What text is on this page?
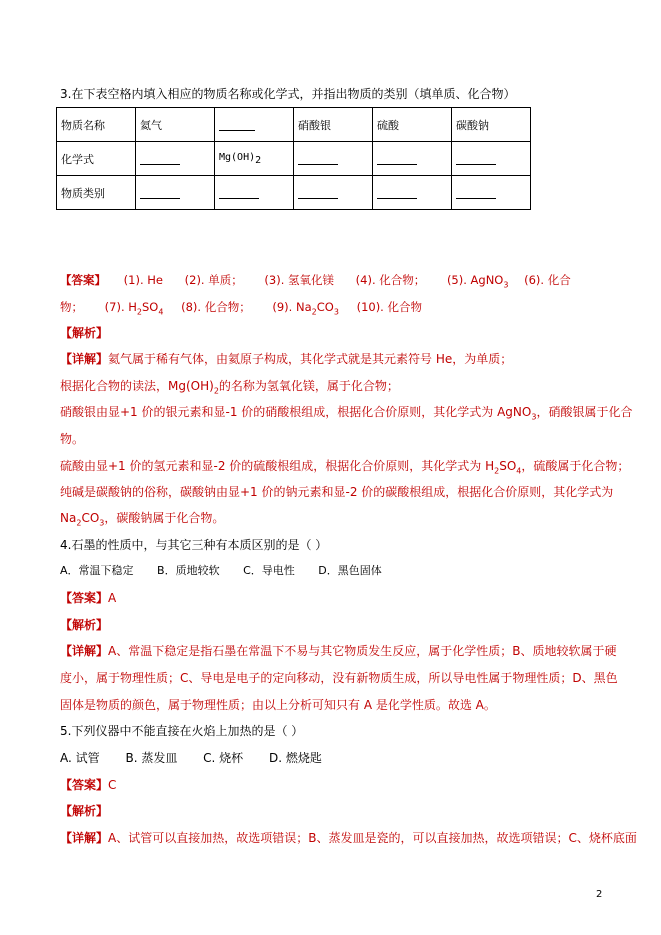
3.在下表空格内填入相应的物质名称或化学式，并指出物质的类别（填单质、化合物）
物质名称	氦气		硝酸银	硫酸	碳酸钠
化学式		$Mg(OH)_2$			
物质类别					
【答案】 (1). He (2). 单质； (3). 氢氧化镁 (4). 化合物； (5). AgNO$_3$ (6). 化合
物； (7). $H_2SO_4$ (8). 化合物； (9). $Na_2CO_3$ (10). 化合物
【解析】
【详解】氦气属于稀有气体，由氦原子构成，其化学式就是其元素符号 He，为单质；
根据化合物的读法，$Mg(OH)_2$的名称为氢氧化镁，属于化合物；
硝酸银由显+1 价的银元素和显-1 价的硝酸根组成，根据化合价原则，其化学式为 AgNO$_3$，硝酸银属于化合
物。
硫酸由显+1 价的氢元素和显-2 价的硫酸根组成，根据化合价原则，其化学式为 $H_2SO_4$，硫酸属于化合物；
纯碱是碳酸钠的俗称，碳酸钠由显+1 价的钠元素和显-2 价的碳酸根组成，根据化合价原则，其化学式为
$Na_2CO_3$，碳酸钠属于化合物。
4.石墨的性质中，与其它三种有本质区别的是（ ）
A．常温下稳定 B．质地较软 C．导电性 D．黑色固体
【答案】A
【解析】
【详解】A、常温下稳定是指石墨在常温下不易与其它物质发生反应，属于化学性质；B、质地较软属于硬
度小，属于物理性质；C、导电是电子的定向移动，没有新物质生成，所以导电性属于物理性质；D、黑色
固体是物质的颜色，属于物理性质；由以上分析可知只有 A 是化学性质。故选 A。
5.下列仪器中不能直接在火焰上加热的是（ ）
A. 试管 B. 蒸发皿 C. 烧杯 D. 燃烧匙
【答案】C
【解析】
【详解】A、试管可以直接加热，故选项错误；B、蒸发皿是瓷的，可以直接加热，故选项错误；C、烧杯底面
2
